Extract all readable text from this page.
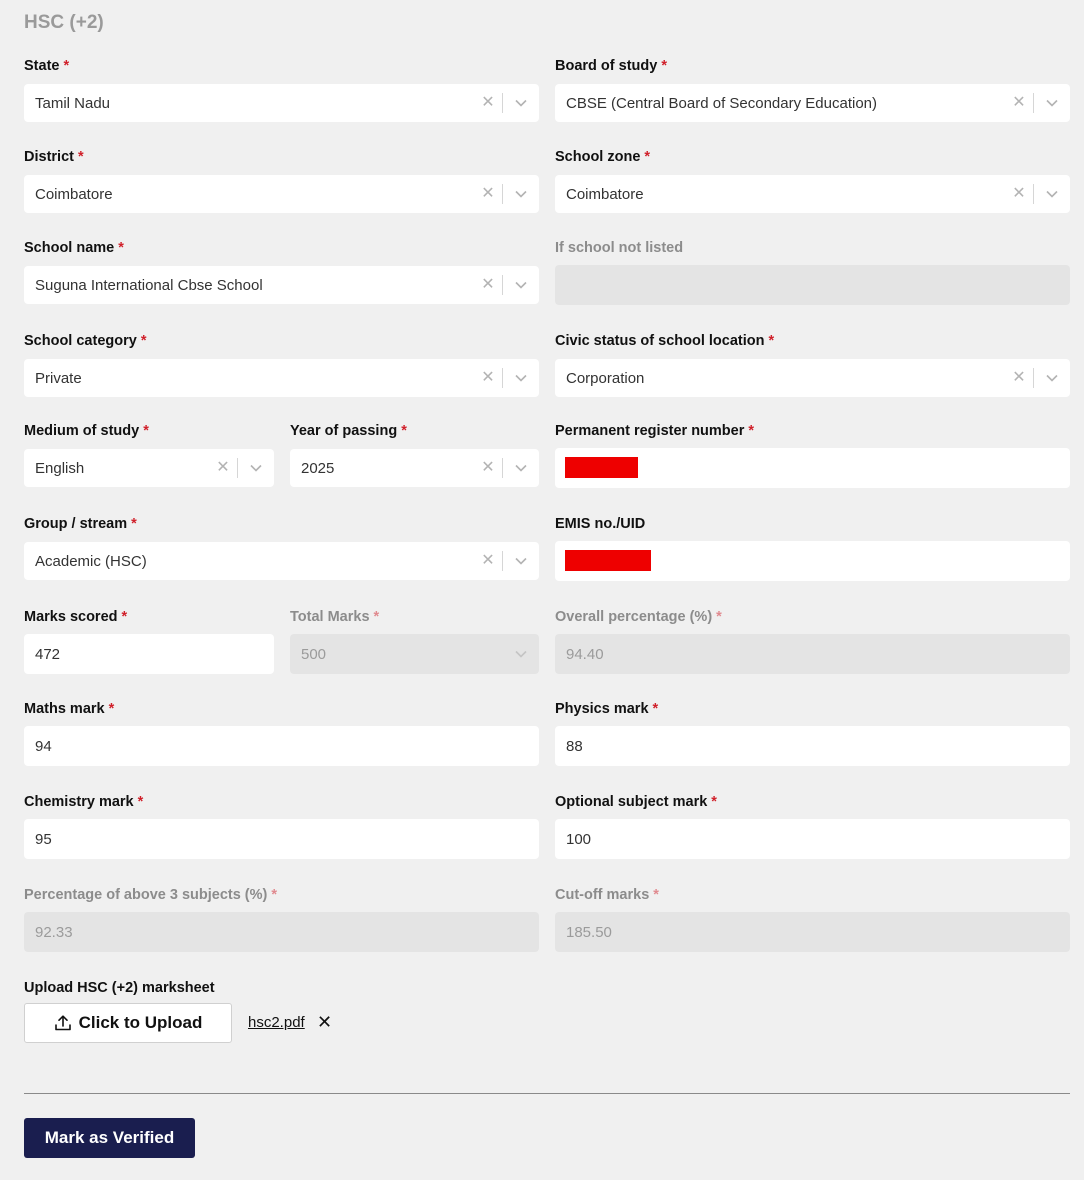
HSC (+2)
State *
Tamil Nadu	✕
Board of study *
CBSE (Central Board of Secondary Education)	✕
District *
Coimbatore	✕
School zone *
Coimbatore	✕
School name *
Suguna International Cbse School	✕
If school not listed
School category *
Private	✕
Civic status of school location *
Corporation	✕
Medium of study *
English	✕
Year of passing *
2025	✕
Permanent register number *
Group / stream *
Academic (HSC)	✕
EMIS no./UID
Marks scored *
472
Total Marks *
500
Overall percentage (%) *
94.40
Maths mark *
94
Physics mark *
88
Chemistry mark *
95
Optional subject mark *
100
Percentage of above 3 subjects (%) *
92.33
Cut-off marks *
185.50
Upload HSC (+2) marksheet
Click to Upload	hsc2.pdf ✕
Mark as Verified
